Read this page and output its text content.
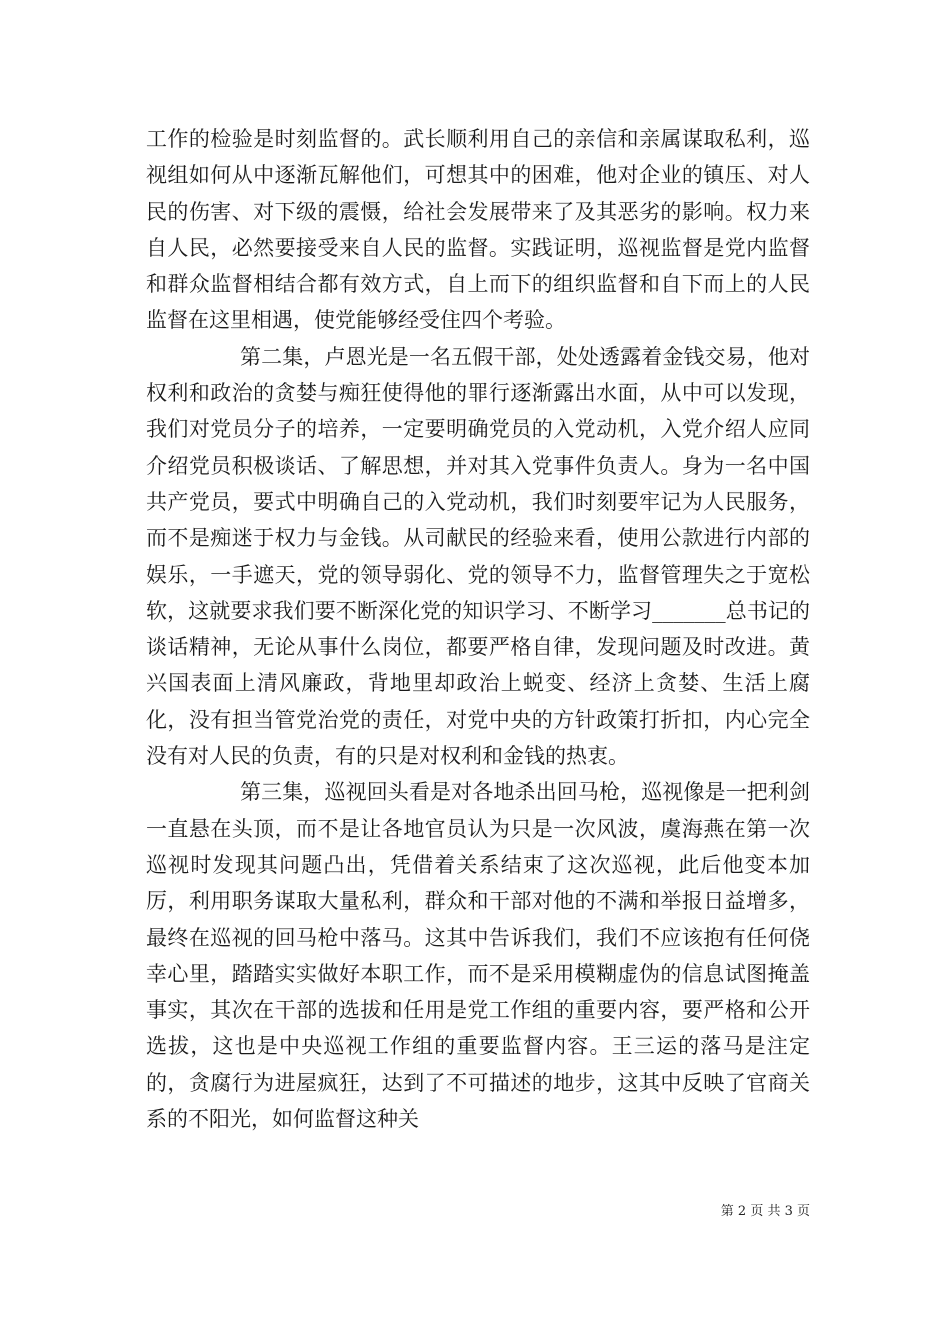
工作的检验是时刻监督的。武长顺利用自己的亲信和亲属谋取私利，巡视组如何从中逐渐瓦解他们，可想其中的困难，他对企业的镇压、对人民的伤害、对下级的震慑，给社会发展带来了及其恶劣的影响。权力来自人民，必然要接受来自人民的监督。实践证明，巡视监督是党内监督和群众监督相结合都有效方式，自上而下的组织监督和自下而上的人民监督在这里相遇，使党能够经受住四个考验。

第二集，卢恩光是一名五假干部，处处透露着金钱交易，他对权利和政治的贪婪与痴狂使得他的罪行逐渐露出水面，从中可以发现，我们对党员分子的培养，一定要明确党员的入党动机，入党介绍人应同介绍党员积极谈话、了解思想，并对其入党事件负责人。身为一名中国共产党员，要式中明确自己的入党动机，我们时刻要牢记为人民服务，而不是痴迷于权力与金钱。从司献民的经验来看，使用公款进行内部的娱乐，一手遮天，党的领导弱化、党的领导不力，监督管理失之于宽松软，这就要求我们要不断深化党的知识学习、不断学习_______总书记的谈话精神，无论从事什么岗位，都要严格自律，发现问题及时改进。黄兴国表面上清风廉政，背地里却政治上蜕变、经济上贪婪、生活上腐化，没有担当管党治党的责任，对党中央的方针政策打折扣，内心完全没有对人民的负责，有的只是对权利和金钱的热衷。

第三集，巡视回头看是对各地杀出回马枪，巡视像是一把利剑一直悬在头顶，而不是让各地官员认为只是一次风波，虞海燕在第一次巡视时发现其问题凸出，凭借着关系结束了这次巡视，此后他变本加厉，利用职务谋取大量私利，群众和干部对他的不满和举报日益增多，最终在巡视的回马枪中落马。这其中告诉我们，我们不应该抱有任何侥幸心里，踏踏实实做好本职工作，而不是采用模糊虚伪的信息试图掩盖事实，其次在干部的选拔和任用是党工作组的重要内容，要严格和公开选拔，这也是中央巡视工作组的重要监督内容。王三运的落马是注定的，贪腐行为进屋疯狂，达到了不可描述的地步，这其中反映了官商关系的不阳光，如何监督这种关

第 2 页 共 3 页
